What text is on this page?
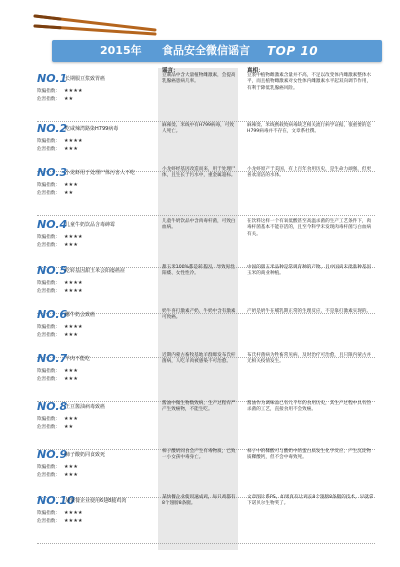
2015年 食品安全微信谣言 TOP 10
谣言：	真相：
NO.1
长期服豆浆致胃癌
欺骗指数： ★★★★
危害指数： ★★
豆制品中含大量植物雌激素，会提高乳腺癌患病几率。
豆浆中植物雌激素含量并不高，不足以改变体内雌激素整体水平，而且植物雌激素对女性体内雌激素水平起双向调节作用，有利于降低乳腺癌风险。
NO.2
吃咸辣湾路染H799病毒
欺骗指数： ★★★★
危害指数： ★★★
麻辣烫、米线中有H799病毒，可致人死亡。
麻辣烫、米线携载致病毒缺乏相关流行病学证据，很重要的是H799病毒并不存在，文章系杜撰。
NO.3
小龙虾用于处理尸体污害人不吃
欺骗指数： ★★★
危害指数： ★★
小龙虾经基因改造而来，用于处理尸体，且生长于污水中，重金属超标。
小龙虾原产于美国，有上百年食用历史，是生命力顽强，但更喜欢清洁的水体。
NO.4
儿童牛奶饮品含毒砷霉
欺骗指数： ★★★★
危害指数： ★★★
儿童牛奶饮品中含肉毒杆菌，可致白血病。
在饮料这样一个有氧低酸甚至高温杀菌的生产工艺条件下，肉毒杆菌基本不能存活的，且至今科学未发现肉毒杆菌与白血病有关。
NO.5
吃转基因甜玉米会阳痿癌症
欺骗指数： ★★★★
危害指数： ★★★★
甜玉米100%都是转基因，导致男性阳痿、女性性冷。
中国的甜玉米品种是常规育种的产物，且中国尚未批准种基因玉米的商业种植。
NO.6
哪牛奶会致癌
欺骗指数： ★★★★
危害指数： ★★★
奶牛喜打激素产奶，牛奶中含有激素可致癌。
产奶是奶牛在哺乳期正常的生理反应，不是靠打激素实现的。
NO.7
羊肉不能吃
欺骗指数： ★★★
危害指数： ★★★
近期内蒙古畜牧基地羊群爆发布氏杆菌病，人吃羊肉被感染不可治愈。
布氏杆菌病为牲畜常见病，及时治疗可治愈，且只限内蒙古并无相关疫情发生。
NO.8
王豆酱油病毒致癌
欺骗指数： ★★★
危害指数： ★★
酱油中微生物数致病，生产过程有严产生致癌物，不能生吃。
酱油作为调味品已有几千年的食用历史，其生产过程中具有热杀菌的工艺，直接食用不会致癌。
NO.9
柿子酸奶同食致死
欺骗指数： ★★★
危害指数： ★★★
柿子酸奶同食会产生有毒物质，已致一小女孩中毒身亡。
柿子中的鞣酸可与酸奶中的蛋白质发生化学反应，产生沉淀物质鞣酸钙，但不会中毒致死。
NO.10
某快餐企业使用6翅8腿鸡肉
欺骗指数： ★★★★
危害指数： ★★★★
某快餐企业使用速成鸡，每只鸡都有8个翅膀8条腿。
文章图片系PS。如果真有让鸡长8个翅膀8条腿的技术，早就拿下诺贝尔生物奖了。
